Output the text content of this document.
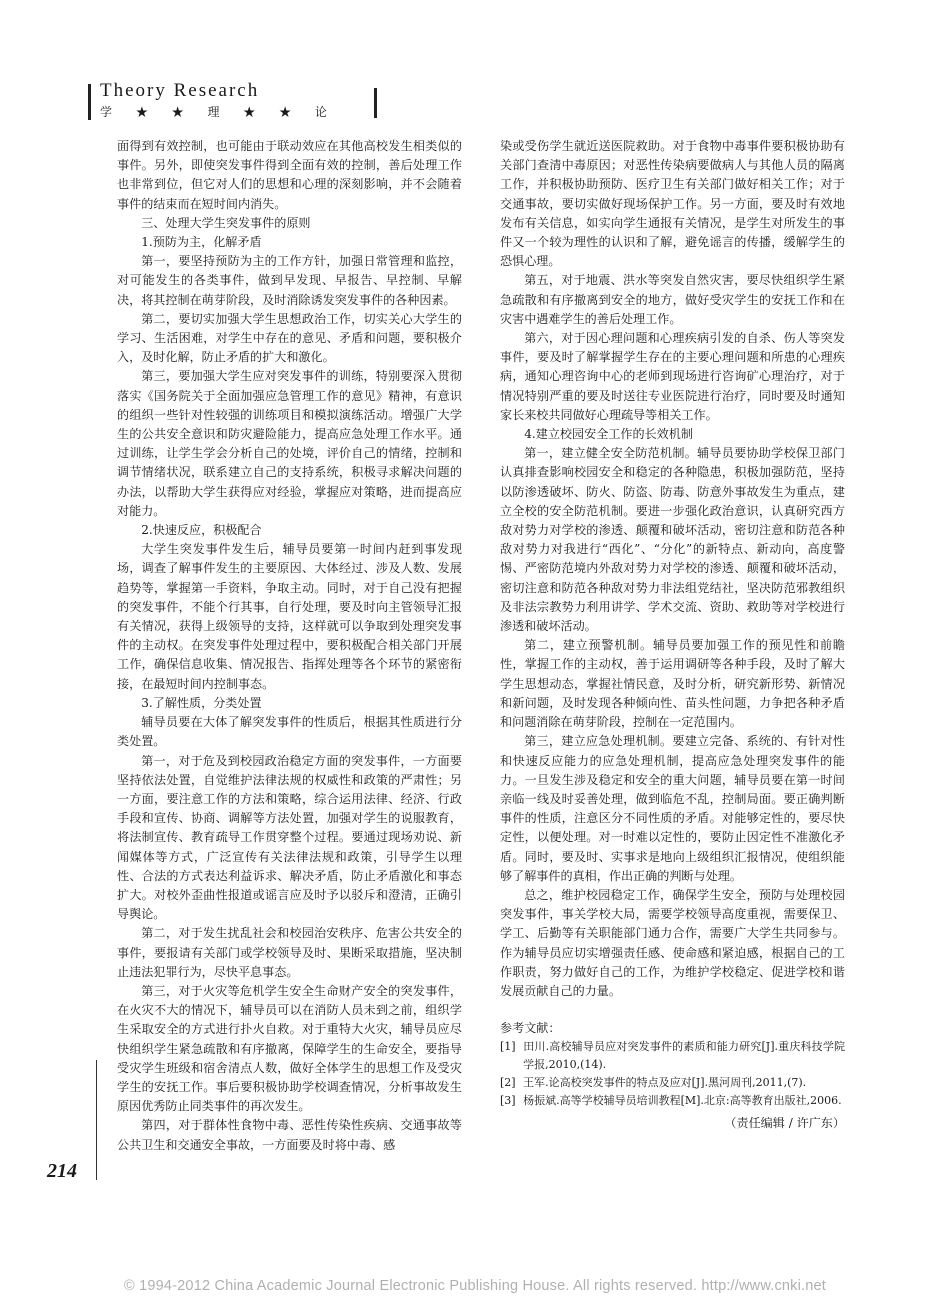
Theory Research
学 ★ ★ 理 ★ ★ 论

面得到有效控制，也可能由于联动效应在其他高校发生相类似的事件。另外，即使突发事件得到全面有效的控制，善后处理工作也非常到位，但它对人们的思想和心理的深刻影响，并不会随着事件的结束而在短时间内消失。

三、处理大学生突发事件的原则

1.预防为主，化解矛盾

第一，要坚持预防为主的工作方针，加强日常管理和监控，对可能发生的各类事件，做到早发现、早报告、早控制、早解决，将其控制在萌芽阶段，及时消除诱发突发事件的各种因素。

第二，要切实加强大学生思想政治工作，切实关心大学生的学习、生活困难，对学生中存在的意见、矛盾和问题，要积极介入，及时化解，防止矛盾的扩大和激化。

第三，要加强大学生应对突发事件的训练，特别要深入贯彻落实《国务院关于全面加强应急管理工作的意见》精神，有意识的组织一些针对性较强的训练项目和模拟演练活动。增强广大学生的公共安全意识和防灾避险能力，提高应急处理工作水平。通过训练，让学生学会分析自己的处境，评价自己的情绪，控制和调节情绪状况，联系建立自己的支持系统，积极寻求解决问题的办法，以帮助大学生获得应对经验，掌握应对策略，进而提高应对能力。

2.快速反应，积极配合

大学生突发事件发生后，辅导员要第一时间内赶到事发现场，调查了解事件发生的主要原因、大体经过、涉及人数、发展趋势等，掌握第一手资料，争取主动。同时，对于自己没有把握的突发事件，不能个行其事，自行处理，要及时向主管领导汇报有关情况，获得上级领导的支持，这样就可以争取到处理突发事件的主动权。在突发事件处理过程中，要积极配合相关部门开展工作，确保信息收集、情况报告、指挥处理等各个环节的紧密衔接，在最短时间内控制事态。

3.了解性质，分类处置

辅导员要在大体了解突发事件的性质后，根据其性质进行分类处置。

第一，对于危及到校园政治稳定方面的突发事件，一方面要坚持依法处置，自觉维护法律法规的权威性和政策的严肃性；另一方面，要注意工作的方法和策略，综合运用法律、经济、行政手段和宣传、协商、调解等方法处置，加强对学生的说服教育，将法制宣传、教育疏导工作贯穿整个过程。要通过现场劝说、新闻媒体等方式，广泛宣传有关法律法规和政策，引导学生以理性、合法的方式表达利益诉求、解决矛盾，防止矛盾激化和事态扩大。对校外歪曲性报道或谣言应及时予以驳斥和澄清，正确引导舆论。

第二，对于发生扰乱社会和校园治安秩序、危害公共安全的事件，要报请有关部门或学校领导及时、果断采取措施，坚决制止违法犯罪行为，尽快平息事态。

第三，对于火灾等危机学生安全生命财产安全的突发事件，在火灾不大的情况下，辅导员可以在消防人员未到之前，组织学生采取安全的方式进行扑火自救。对于重特大火灾，辅导员应尽快组织学生紧急疏散和有序撤离，保障学生的生命安全，要指导受灾学生班级和宿舍清点人数，做好全体学生的思想工作及受灾学生的安抚工作。事后要积极协助学校调查情况，分析事故发生原因优秀防止同类事件的再次发生。

第四，对于群体性食物中毒、恶性传染性疾病、交通事故等公共卫生和交通安全事故，一方面要及时将中毒、感

染或受伤学生就近送医院救助。对于食物中毒事件要积极协助有关部门查清中毒原因；对恶性传染病要做病人与其他人员的隔离工作，并积极协助预防、医疗卫生有关部门做好相关工作；对于交通事故，要切实做好现场保护工作。另一方面，要及时有效地发布有关信息，如实向学生通报有关情况，是学生对所发生的事件又一个较为理性的认识和了解，避免谣言的传播，缓解学生的恐惧心理。

第五，对于地震、洪水等突发自然灾害，要尽快组织学生紧急疏散和有序撤离到安全的地方，做好受灾学生的安抚工作和在灾害中遇难学生的善后处理工作。

第六，对于因心理问题和心理疾病引发的自杀、伤人等突发事件，要及时了解掌握学生存在的主要心理问题和所患的心理疾病，通知心理咨询中心的老师到现场进行咨询矿心理治疗，对于情况特别严重的要及时送往专业医院进行治疗，同时要及时通知家长来校共同做好心理疏导等相关工作。

4.建立校园安全工作的长效机制

第一，建立健全安全防范机制。辅导员要协助学校保卫部门认真排查影响校园安全和稳定的各种隐患，积极加强防范，坚持以防渗透破坏、防火、防盗、防毒、防意外事故发生为重点，建立全校的安全防范机制。要进一步强化政治意识，认真研究西方敌对势力对学校的渗透、颠覆和破坏活动，密切注意和防范各种敌对势力对我进行“西化”、“分化”的新特点、新动向，高度警惕、严密防范境内外敌对势力对学校的渗透、颠覆和破坏活动，密切注意和防范各种敌对势力非法组党结社，坚决防范邪教组织及非法宗教势力利用讲学、学术交流、资助、救助等对学校进行渗透和破坏活动。

第二，建立预警机制。辅导员要加强工作的预见性和前瞻性，掌握工作的主动权，善于运用调研等各种手段，及时了解大学生思想动态，掌握社情民意，及时分析，研究新形势、新情况和新问题，及时发现各种倾向性、苗头性问题，力争把各种矛盾和问题消除在萌芽阶段，控制在一定范围内。

第三，建立应急处理机制。要建立完备、系统的、有针对性和快速反应能力的应急处理机制，提高应急处理突发事件的能力。一旦发生涉及稳定和安全的重大问题，辅导员要在第一时间亲临一线及时妥善处理，做到临危不乱，控制局面。要正确判断事件的性质，注意区分不同性质的矛盾。对能够定性的，要尽快定性，以便处理。对一时难以定性的，要防止因定性不准激化矛盾。同时，要及时、实事求是地向上级组织汇报情况，使组织能够了解事件的真相，作出正确的判断与处理。

总之，维护校园稳定工作，确保学生安全，预防与处理校园突发事件，事关学校大局，需要学校领导高度重视，需要保卫、学工、后勤等有关职能部门通力合作，需要广大学生共同参与。作为辅导员应切实增强责任感、使命感和紧迫感，根据自己的工作职责，努力做好自己的工作，为维护学校稳定、促进学校和谐发展贡献自己的力量。

参考文献：

[1] 田川.高校辅导员应对突发事件的素质和能力研究[J].重庆科技学院学报,2010,(14).

[2] 王军.论高校突发事件的特点及应对[J].黑河周刊,2011,(7).

[3] 杨振斌.高等学校辅导员培训教程[M].北京:高等教育出版社,2006.

（责任编辑 / 许广东）

214
© 1994-2012 China Academic Journal Electronic Publishing House. All rights reserved. http://www.cnki.net
